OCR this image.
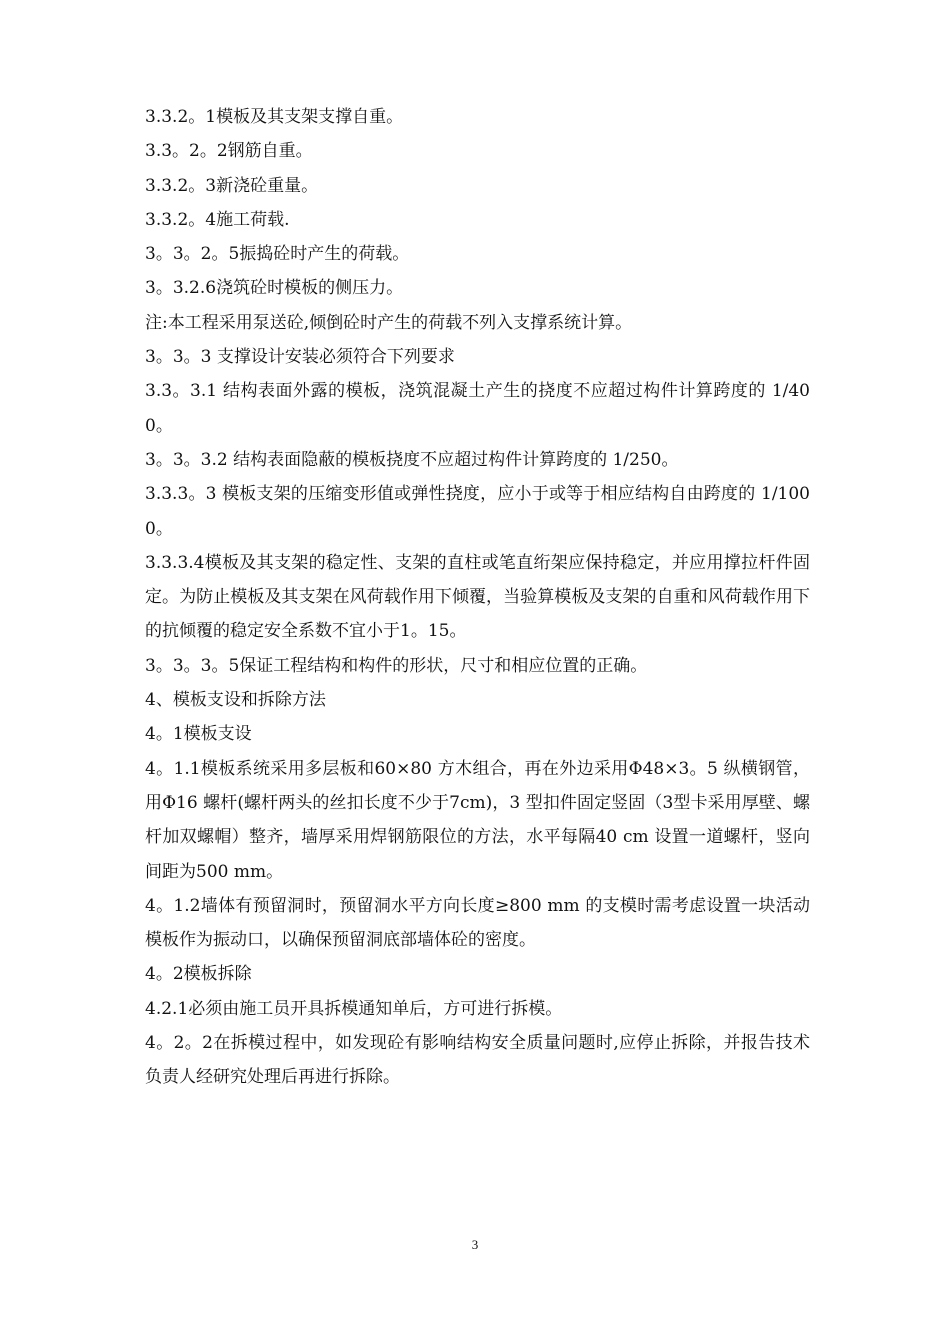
3.3.2。1模板及其支架支撑自重。

3.3。2。2钢筋自重。

3.3.2。3新浇砼重量。

3.3.2。4施工荷载.

3。3。2。5振捣砼时产生的荷载。

3。3.2.6浇筑砼时模板的侧压力。

注:本工程采用泵送砼,倾倒砼时产生的荷载不列入支撑系统计算。

3。3。3 支撑设计安装必须符合下列要求

3.3。3.1 结构表面外露的模板，浇筑混凝土产生的挠度不应超过构件计算跨度的 1/400。

3。3。3.2 结构表面隐蔽的模板挠度不应超过构件计算跨度的 1/250。

3.3.3。3 模板支架的压缩变形值或弹性挠度，应小于或等于相应结构自由跨度的 1/1000。

3.3.3.4模板及其支架的稳定性、支架的直柱或笔直绗架应保持稳定，并应用撑拉杆件固定。为防止模板及其支架在风荷载作用下倾覆，当验算模板及支架的自重和风荷载作用下的抗倾覆的稳定安全系数不宜小于1。15。

3。3。3。5保证工程结构和构件的形状，尺寸和相应位置的正确。

4、模板支设和拆除方法

4。1模板支设

4。1.1模板系统采用多层板和60×80 方木组合，再在外边采用Φ48×3。5 纵横钢管，用Φ16 螺杆(螺杆两头的丝扣长度不少于7cm)，3 型扣件固定竖固（3型卡采用厚壁、螺杆加双螺帽）整齐，墙厚采用焊钢筋限位的方法，水平每隔40 cm 设置一道螺杆，竖向间距为500 mm。

4。1.2墙体有预留洞时，预留洞水平方向长度≥800 mm 的支模时需考虑设置一块活动模板作为振动口，以确保预留洞底部墙体砼的密度。

4。2模板拆除

4.2.1必须由施工员开具拆模通知单后，方可进行拆模。

4。2。2在拆模过程中，如发现砼有影响结构安全质量问题时,应停止拆除，并报告技术负责人经研究处理后再进行拆除。

3
